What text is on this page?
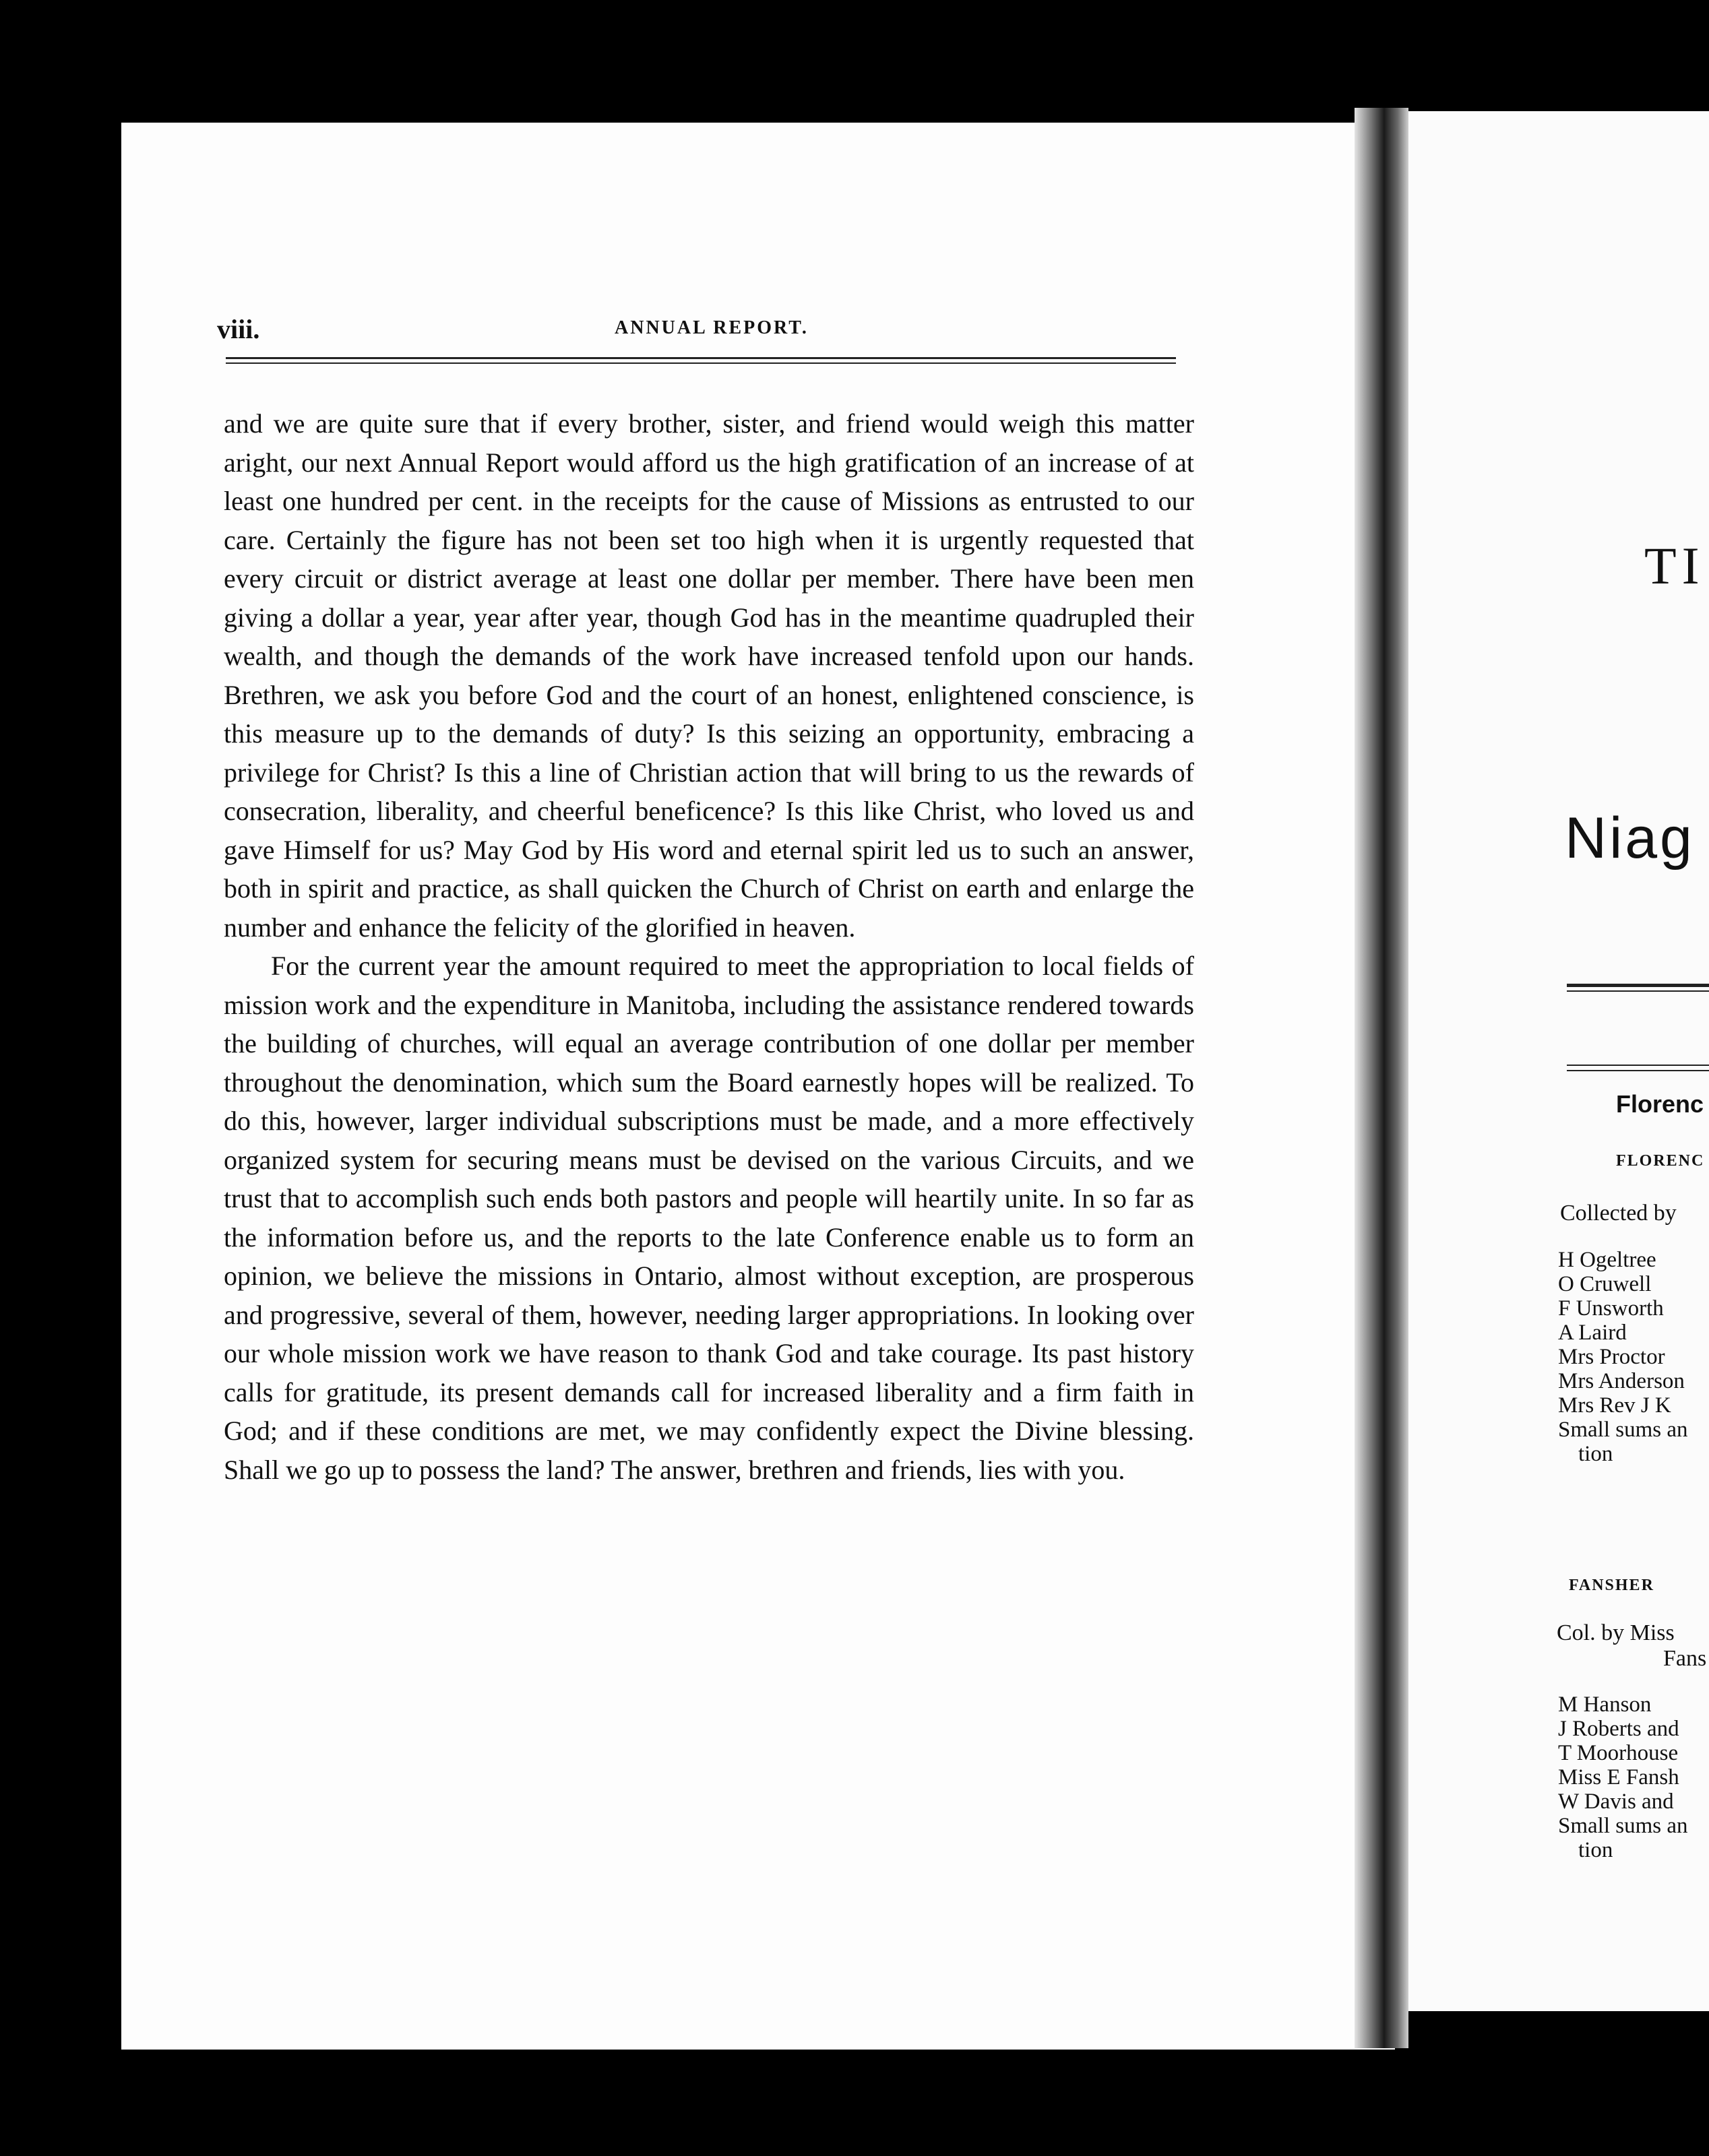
viii.	ANNUAL REPORT.

and we are quite sure that if every brother, sister, and friend would weigh this matter aright, our next Annual Report would afford us the high gratification of an increase of at least one hundred per cent. in the receipts for the cause of Missions as entrusted to our care. Certainly the figure has not been set too high when it is urgently requested that every circuit or district average at least one dollar per member. There have been men giving a dollar a year, year after year, though God has in the meantime quadrupled their wealth, and though the demands of the work have increased tenfold upon our hands. Brethren, we ask you before God and the court of an honest, enlightened conscience, is this measure up to the demands of duty? Is this seizing an opportunity, embracing a privilege for Christ? Is this a line of Christian action that will bring to us the rewards of consecration, liberality, and cheerful beneficence? Is this like Christ, who loved us and gave Himself for us? May God by His word and eternal spirit led us to such an answer, both in spirit and practice, as shall quicken the Church of Christ on earth and enlarge the number and enhance the felicity of the glorified in heaven.

For the current year the amount required to meet the appropriation to local fields of mission work and the expenditure in Manitoba, including the assistance rendered towards the building of churches, will equal an average contribution of one dollar per member throughout the denomination, which sum the Board earnestly hopes will be realized. To do this, however, larger individual subscriptions must be made, and a more effectively organized system for securing means must be devised on the various Circuits, and we trust that to accomplish such ends both pastors and people will heartily unite. In so far as the information before us, and the reports to the late Conference enable us to form an opinion, we believe the missions in Ontario, almost without exception, are prosperous and progressive, several of them, however, needing larger appropriations. In looking over our whole mission work we have reason to thank God and take courage. Its past history calls for gratitude, its present demands call for increased liberality and a firm faith in God; and if these conditions are met, we may confidently expect the Divine blessing. Shall we go up to possess the land? The answer, brethren and friends, lies with you.

TI
Niag
Florenc
FLORENC
Collected by
H Ogeltree
O Cruwell
F Unsworth
A Laird
Mrs Proctor
Mrs Anderson
Mrs Rev J K
Small sums an
tion
FANSHER
Col. by Miss
Fans
M Hanson
J Roberts and
T Moorhouse
Miss E Fansh
W Davis and
Small sums an
tion
